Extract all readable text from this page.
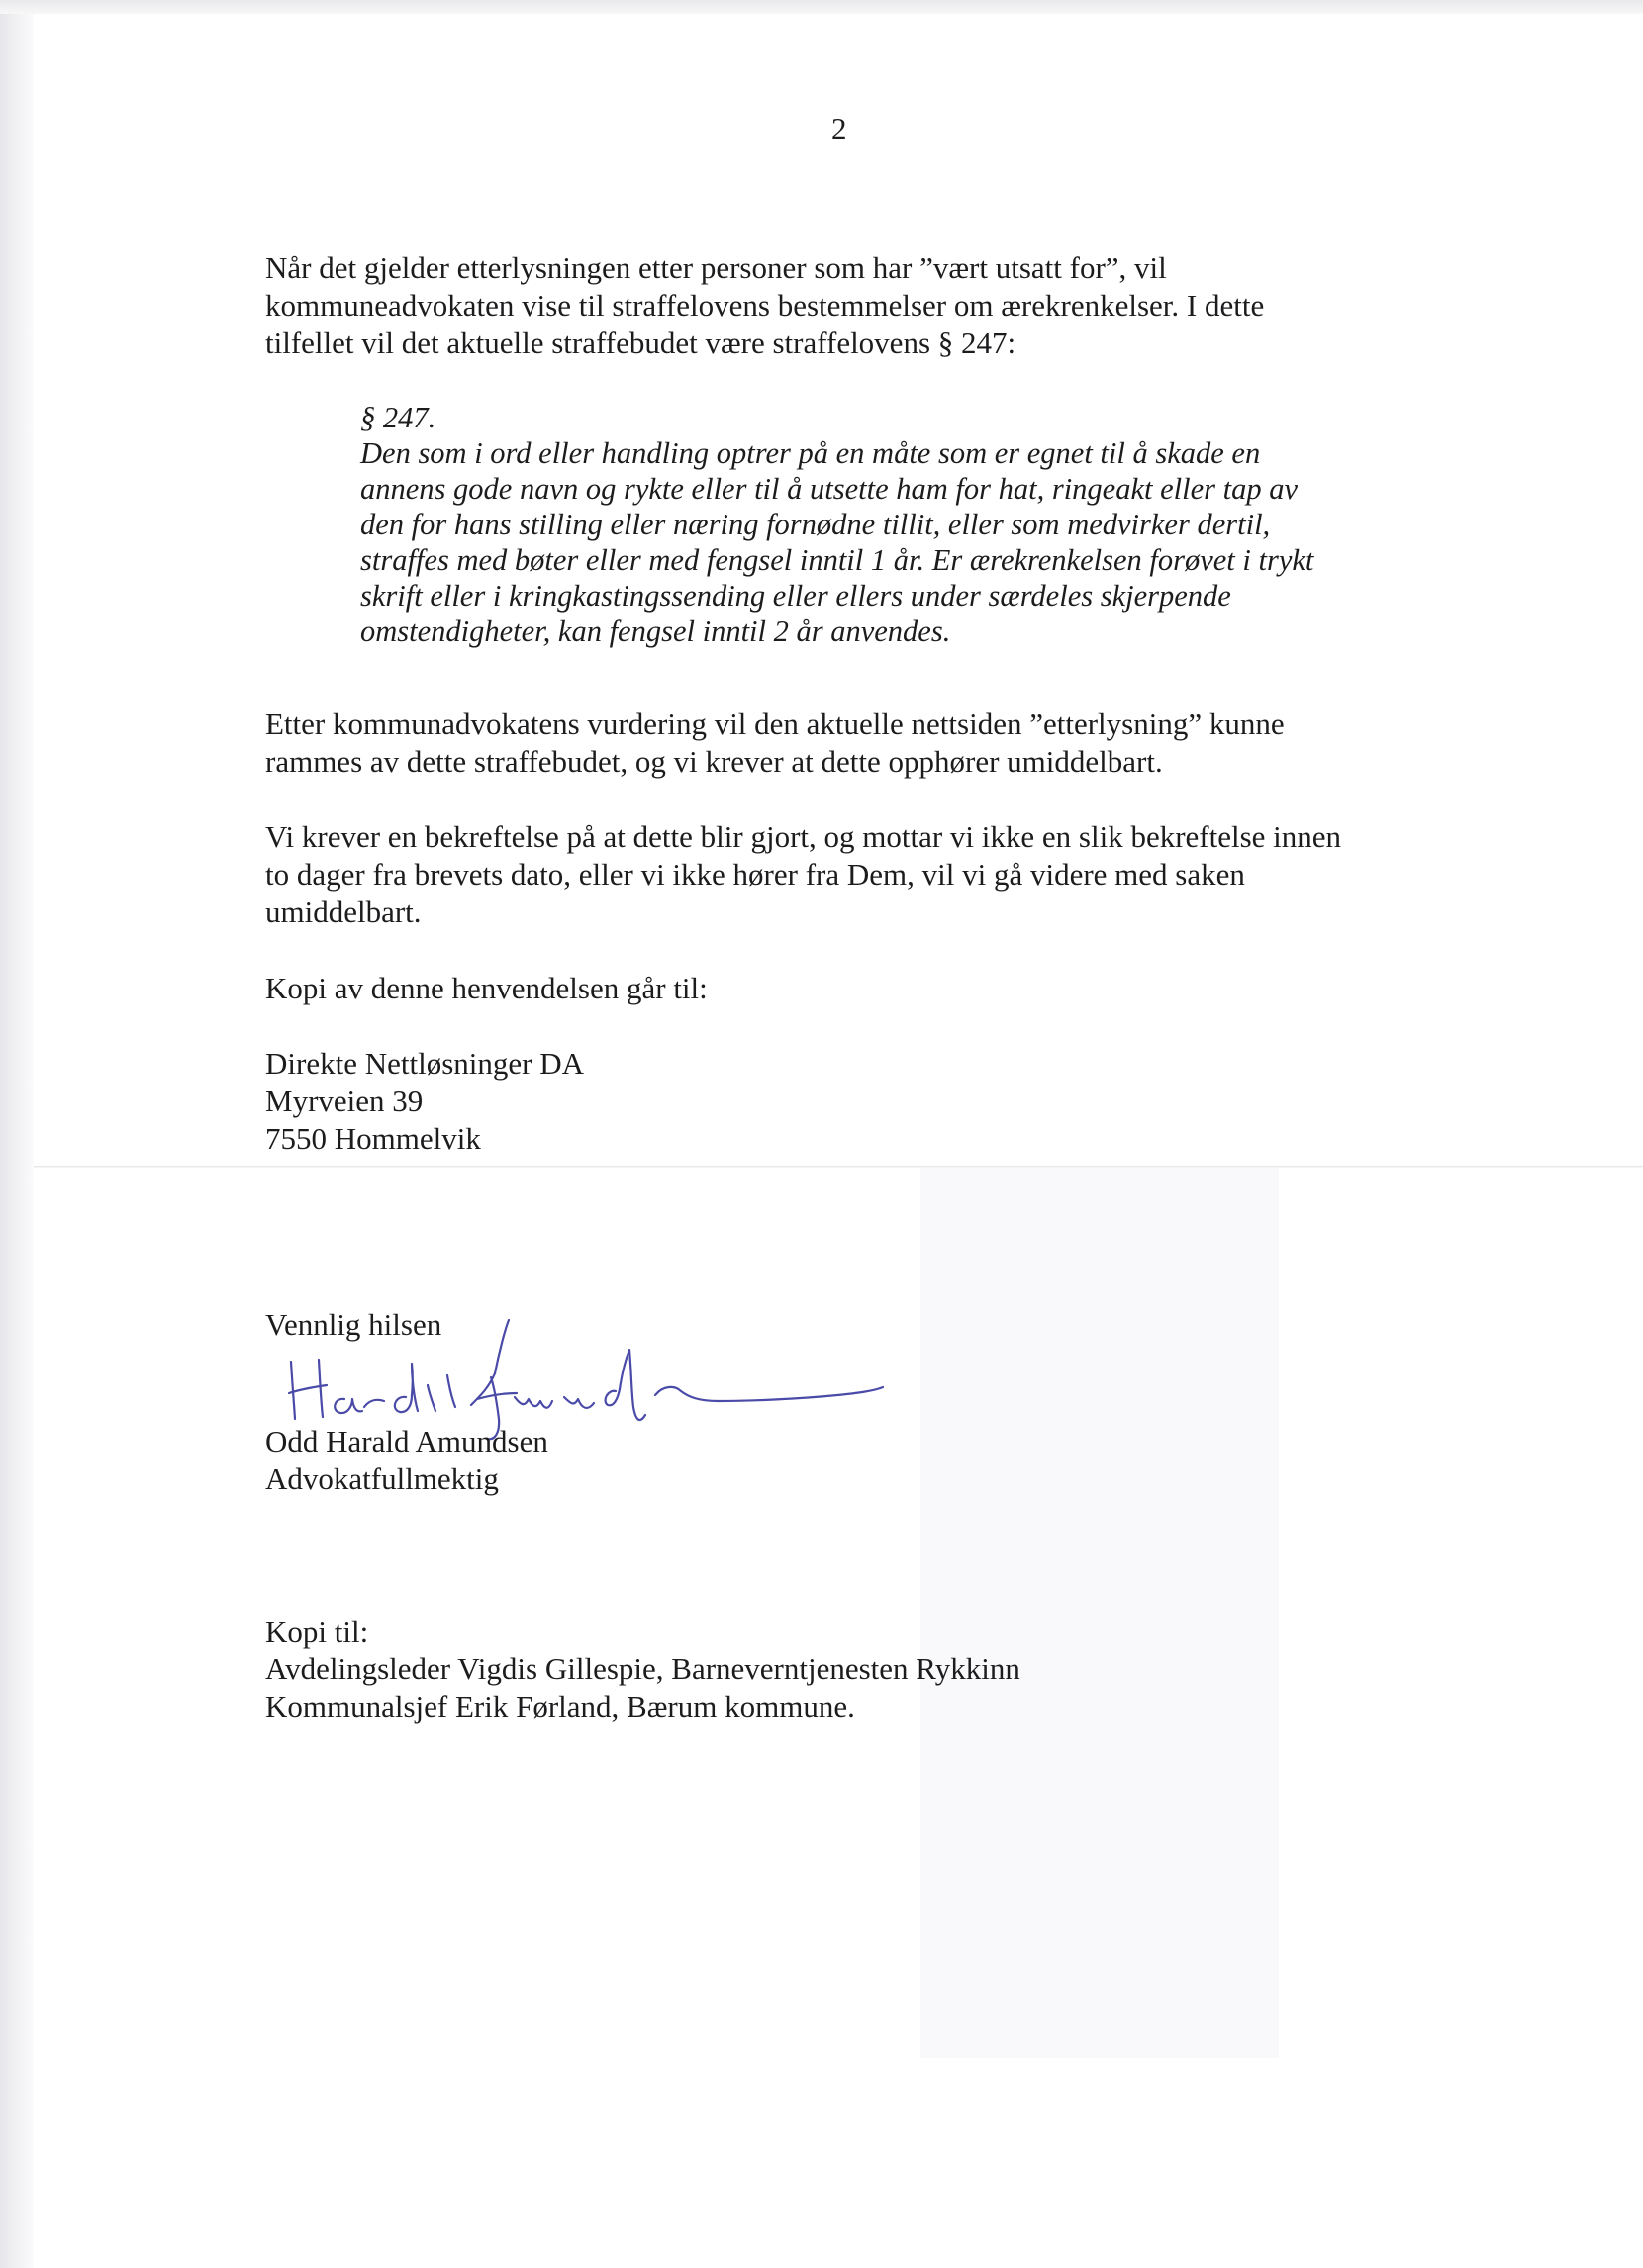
2
Når det gjelder etterlysningen etter personer som har ”vært utsatt for”, vil
kommuneadvokaten vise til straffelovens bestemmelser om ærekrenkelser. I dette
tilfellet vil det aktuelle straffebudet være straffelovens § 247:
§ 247.
Den som i ord eller handling optrer på en måte som er egnet til å skade en
annens gode navn og rykte eller til å utsette ham for hat, ringeakt eller tap av
den for hans stilling eller næring fornødne tillit, eller som medvirker dertil,
straffes med bøter eller med fengsel inntil 1 år. Er ærekrenkelsen forøvet i trykt
skrift eller i kringkastingssending eller ellers under særdeles skjerpende
omstendigheter, kan fengsel inntil 2 år anvendes.
Etter kommunadvokatens vurdering vil den aktuelle nettsiden ”etterlysning” kunne
rammes av dette straffebudet, og vi krever at dette opphører umiddelbart.
Vi krever en bekreftelse på at dette blir gjort, og mottar vi ikke en slik bekreftelse innen
to dager fra brevets dato, eller vi ikke hører fra Dem, vil vi gå videre med saken
umiddelbart.
Kopi av denne henvendelsen går til:
Direkte Nettløsninger DA
Myrveien 39
7550 Hommelvik
Vennlig hilsen
Odd Harald Amundsen
Advokatfullmektig
Kopi til:
Avdelingsleder Vigdis Gillespie, Barneverntjenesten Rykkinn
Kommunalsjef Erik Førland, Bærum kommune.
